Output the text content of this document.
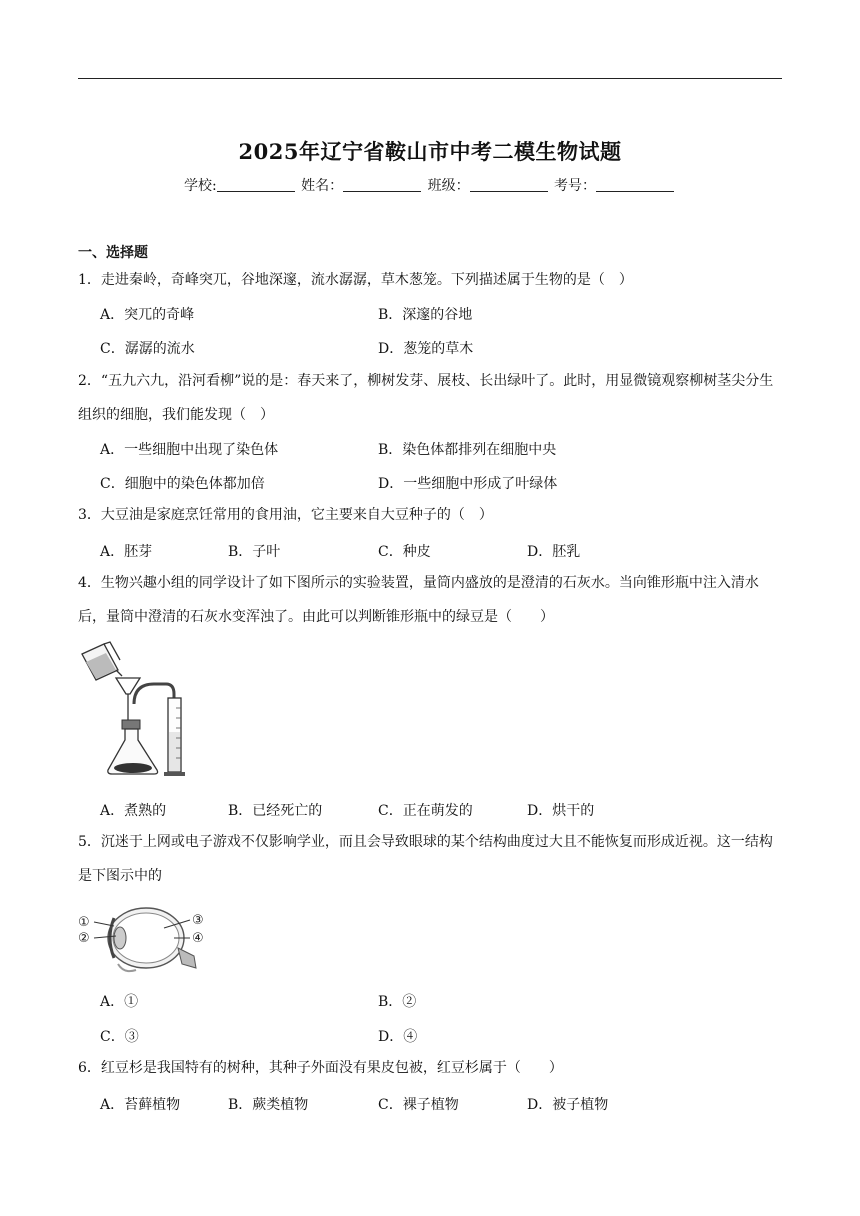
2025年辽宁省鞍山市中考二模生物试题
学校:	姓名：	班级：	考号：
一、选择题
1．走进秦岭，奇峰突兀，谷地深邃，流水潺潺，草木葱笼。下列描述属于生物的是（　）
A．突兀的奇峰	B．深邃的谷地
C．潺潺的流水	D．葱笼的草木
2．“五九六九，沿河看柳”说的是：春天来了，柳树发芽、展枝、长出绿叶了。此时，用显微镜观察柳树茎尖分生组织的细胞，我们能发现（　）
A．一些细胞中出现了染色体	B．染色体都排列在细胞中央
C．细胞中的染色体都加倍	D．一些细胞中形成了叶绿体
3．大豆油是家庭烹饪常用的食用油，它主要来自大豆种子的（　）
A．胚芽	B．子叶	C．种皮	D．胚乳
4．生物兴趣小组的同学设计了如下图所示的实验装置，量筒内盛放的是澄清的石灰水。当向锥形瓶中注入清水后，量筒中澄清的石灰水变浑浊了。由此可以判断锥形瓶中的绿豆是（　　）
A．煮熟的	B．已经死亡的	C．正在萌发的	D．烘干的
5．沉迷于上网或电子游戏不仅影响学业，而且会导致眼球的某个结构曲度过大且不能恢复而形成近视。这一结构是下图示中的
①
②
③
④
A．①	B．②
C．③	D．④
6．红豆杉是我国特有的树种，其种子外面没有果皮包被，红豆杉属于（　　）
A．苔藓植物	B．蕨类植物	C．裸子植物	D．被子植物
